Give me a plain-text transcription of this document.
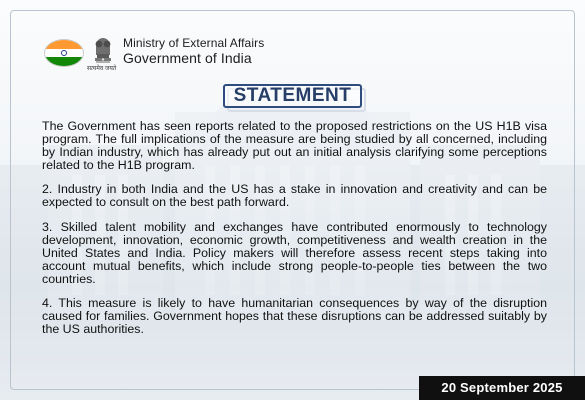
सत्यमेव जयते
Ministry of External Affairs
Government of India
STATEMENT

The Government has seen reports related to the proposed restrictions on the US H1B visa program. The full implications of the measure are being studied by all concerned, including by Indian industry, which has already put out an initial analysis clarifying some perceptions related to the H1B program.

2. Industry in both India and the US has a stake in innovation and creativity and can be expected to consult on the best path forward.

3. Skilled talent mobility and exchanges have contributed enormously to technology development, innovation, economic growth, competitiveness and wealth creation in the United States and India. Policy makers will therefore assess recent steps taking into account mutual benefits, which include strong people-to-people ties between the two countries.

4. This measure is likely to have humanitarian consequences by way of the disruption caused for families. Government hopes that these disruptions can be addressed suitably by the US authorities.

20 September 2025
